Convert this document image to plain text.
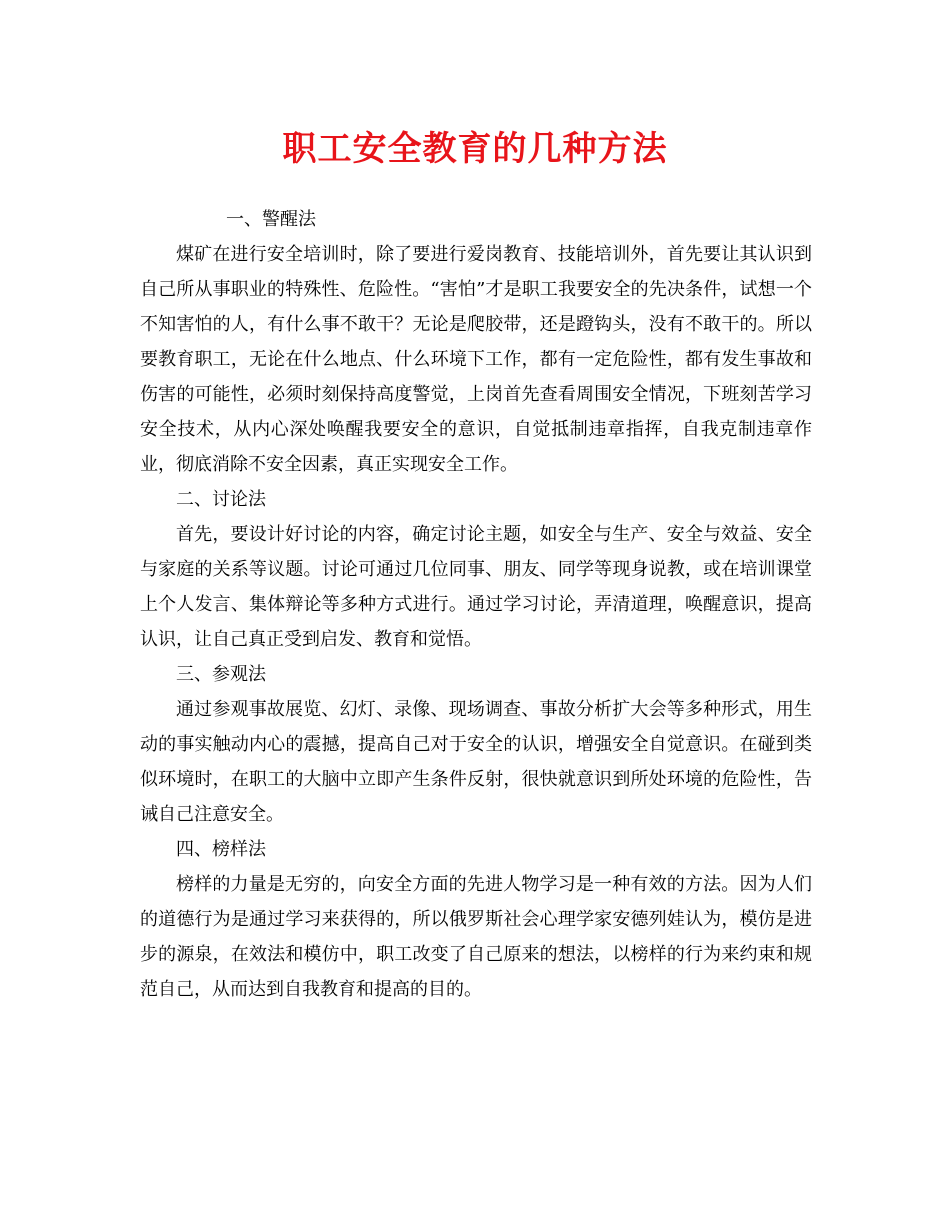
职工安全教育的几种方法

一、警醒法

煤矿在进行安全培训时，除了要进行爱岗教育、技能培训外，首先要让其认识到自己所从事职业的特殊性、危险性。“害怕”才是职工我要安全的先决条件，试想一个不知害怕的人，有什么事不敢干？无论是爬胶带，还是蹬钩头，没有不敢干的。所以要教育职工，无论在什么地点、什么环境下工作，都有一定危险性，都有发生事故和伤害的可能性，必须时刻保持高度警觉，上岗首先查看周围安全情况，下班刻苦学习安全技术，从内心深处唤醒我要安全的意识，自觉抵制违章指挥，自我克制违章作业，彻底消除不安全因素，真正实现安全工作。

二、讨论法

首先，要设计好讨论的内容，确定讨论主题，如安全与生产、安全与效益、安全与家庭的关系等议题。讨论可通过几位同事、朋友、同学等现身说教，或在培训课堂上个人发言、集体辩论等多种方式进行。通过学习讨论，弄清道理，唤醒意识，提高认识，让自己真正受到启发、教育和觉悟。

三、参观法

通过参观事故展览、幻灯、录像、现场调查、事故分析扩大会等多种形式，用生动的事实触动内心的震撼，提高自己对于安全的认识，增强安全自觉意识。在碰到类似环境时，在职工的大脑中立即产生条件反射，很快就意识到所处环境的危险性，告诫自己注意安全。

四、榜样法

榜样的力量是无穷的，向安全方面的先进人物学习是一种有效的方法。因为人们的道德行为是通过学习来获得的，所以俄罗斯社会心理学家安德列娃认为，模仿是进步的源泉，在效法和模仿中，职工改变了自己原来的想法，以榜样的行为来约束和规范自己，从而达到自我教育和提高的目的。
